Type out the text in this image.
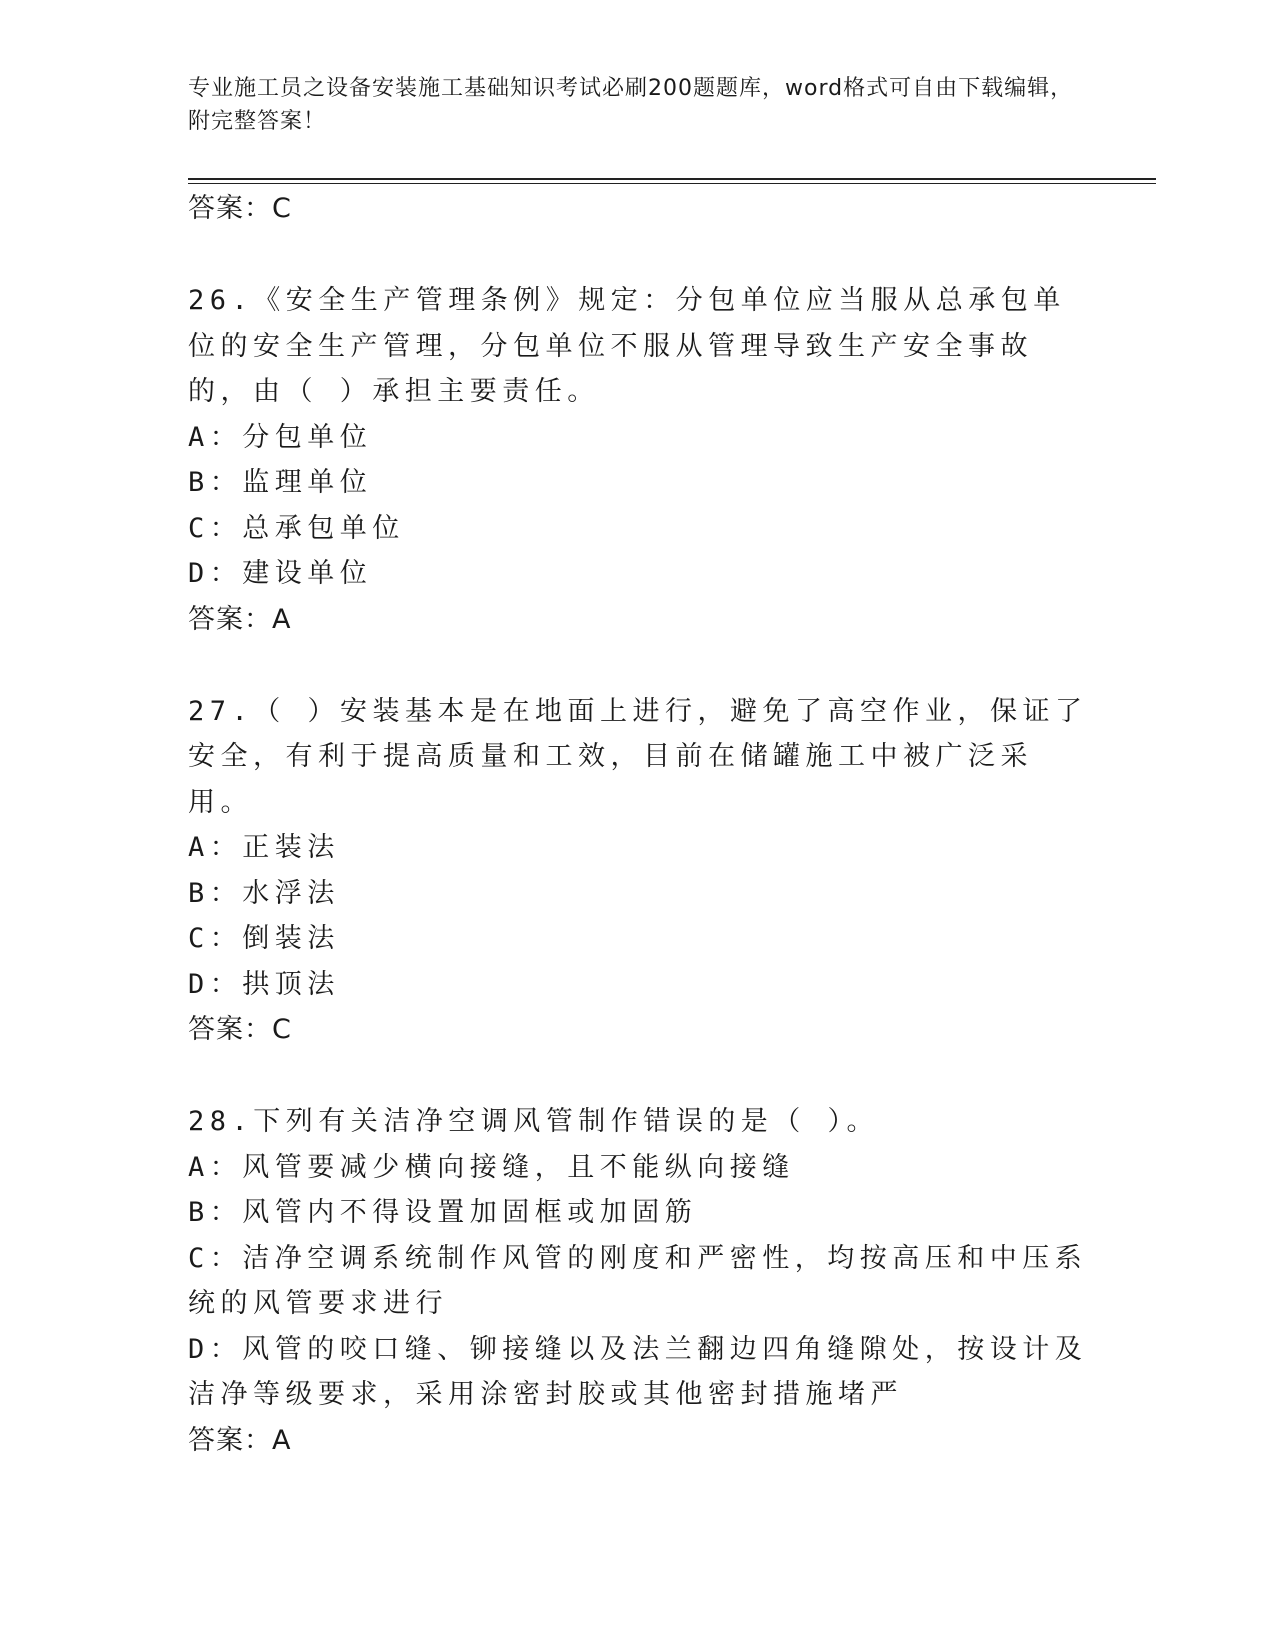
专业施工员之设备安装施工基础知识考试必刷200题题库，word格式可自由下载编辑，附完整答案！
答案：C

26.《安全生产管理条例》规定：分包单位应当服从总承包单位的安全生产管理，分包单位不服从管理导致生产安全事故的，由（ ）承担主要责任。

A：分包单位

B：监理单位

C：总承包单位

D：建设单位

答案：A

27.（ ）安装基本是在地面上进行，避免了高空作业，保证了安全，有利于提高质量和工效，目前在储罐施工中被广泛采用。

A：正装法

B：水浮法

C：倒装法

D：拱顶法

答案：C

28.下列有关洁净空调风管制作错误的是（ ）。

A：风管要减少横向接缝，且不能纵向接缝

B：风管内不得设置加固框或加固筋

C：洁净空调系统制作风管的刚度和严密性，均按高压和中压系统的风管要求进行

D：风管的咬口缝、铆接缝以及法兰翻边四角缝隙处，按设计及洁净等级要求，采用涂密封胶或其他密封措施堵严

答案：A
